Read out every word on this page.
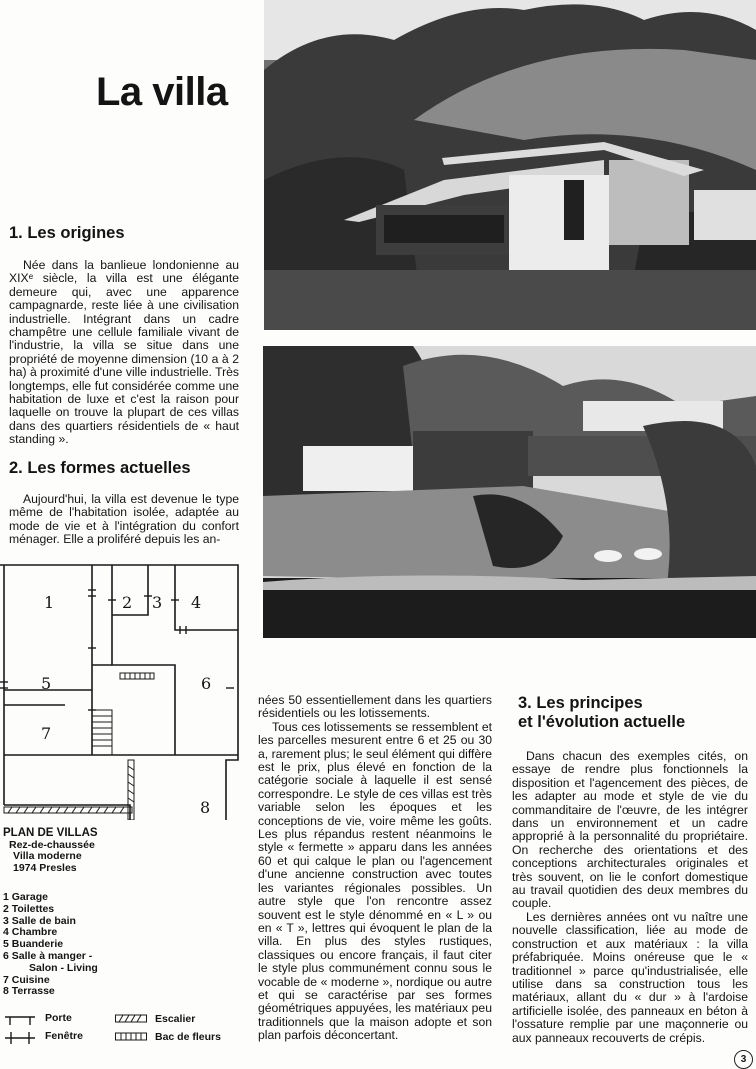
La villa
1. Les origines

Née dans la banlieue londonienne au XIXᵉ siècle, la villa est une élégante demeure qui, avec une apparence campagnarde, reste liée à une civilisation industrielle. Intégrant dans un cadre champêtre une cellule familiale vivant de l'industrie, la villa se situe dans une propriété de moyenne dimension (10 a à 2 ha) à proximité d'une ville industrielle. Très longtemps, elle fut considérée comme une habitation de luxe et c'est la raison pour laquelle on trouve la plupart de ces villas dans des quartiers résidentiels de « haut standing ».

2. Les formes actuelles

Aujourd'hui, la villa est devenue le type même de l'habitation isolée, adaptée au mode de vie et à l'intégration du confort ménager. Elle a proliféré depuis les an-

1	2 3 4
5	6
7
8
PLAN DE VILLAS
Rez-de-chaussée
Villa moderne
1974 Presles
1 Garage
2 Toilettes
3 Salle de bain
4 Chambre
5 Buanderie
6 Salle à manger -
Salon - Living
7 Cuisine
8 Terrasse
Porte
Fenêtre
Escalier
Bac de fleurs

nées 50 essentiellement dans les quartiers résidentiels ou les lotissements.

Tous ces lotissements se ressemblent et les parcelles mesurent entre 6 et 25 ou 30 a, rarement plus; le seul élément qui diffère est le prix, plus élevé en fonction de la catégorie sociale à laquelle il est sensé correspondre. Le style de ces villas est très variable selon les époques et les conceptions de vie, voire même les goûts. Les plus répandus restent néanmoins le style « fermette » apparu dans les années 60 et qui calque le plan ou l'agencement d'une ancienne construction avec toutes les variantes régionales possibles. Un autre style que l'on rencontre assez souvent est le style dénommé en « L » ou en « T », lettres qui évoquent le plan de la villa. En plus des styles rustiques, classiques ou encore français, il faut citer le style plus communément connu sous le vocable de « moderne », nordique ou autre et qui se caractérise par ses formes géométriques appuyées, les matériaux peu traditionnels que la maison adopte et son plan parfois déconcertant.

3. Les principes
et l'évolution actuelle

Dans chacun des exemples cités, on essaye de rendre plus fonctionnels la disposition et l'agencement des pièces, de les adapter au mode et style de vie du commanditaire de l'œuvre, de les intégrer dans un environnement et un cadre approprié à la personnalité du propriétaire. On recherche des orientations et des conceptions architecturales originales et très souvent, on lie le confort domestique au travail quotidien des deux membres du couple.

Les dernières années ont vu naître une nouvelle classification, liée au mode de construction et aux matériaux : la villa préfabriquée. Moins onéreuse que le « traditionnel » parce qu'industrialisée, elle utilise dans sa construction tous les matériaux, allant du « dur » à l'ardoise artificielle isolée, des panneaux en béton à l'ossature remplie par une maçonnerie ou aux panneaux recouverts de crépis.

3
